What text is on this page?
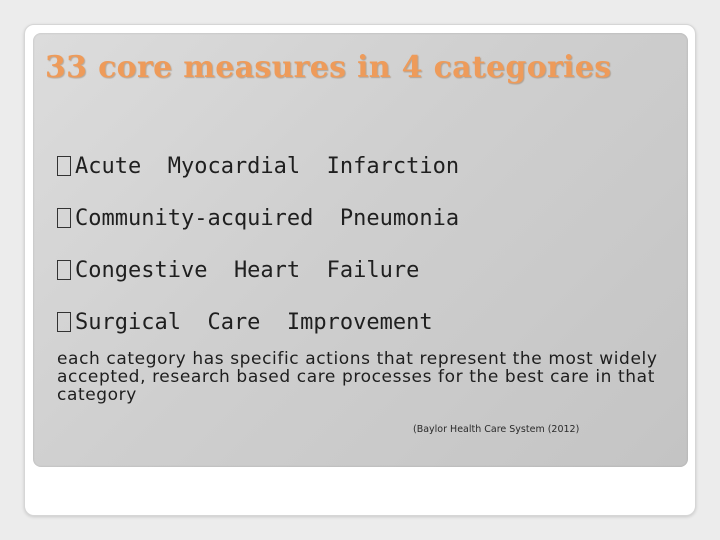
33 core measures in 4 categories
Acute  Myocardial  Infarction
Community-acquired  Pneumonia
Congestive  Heart  Failure
Surgical  Care  Improvement

each category has specific actions that represent the most widely accepted, research based care processes for the best care in that category

(Baylor Health Care System (2012)
